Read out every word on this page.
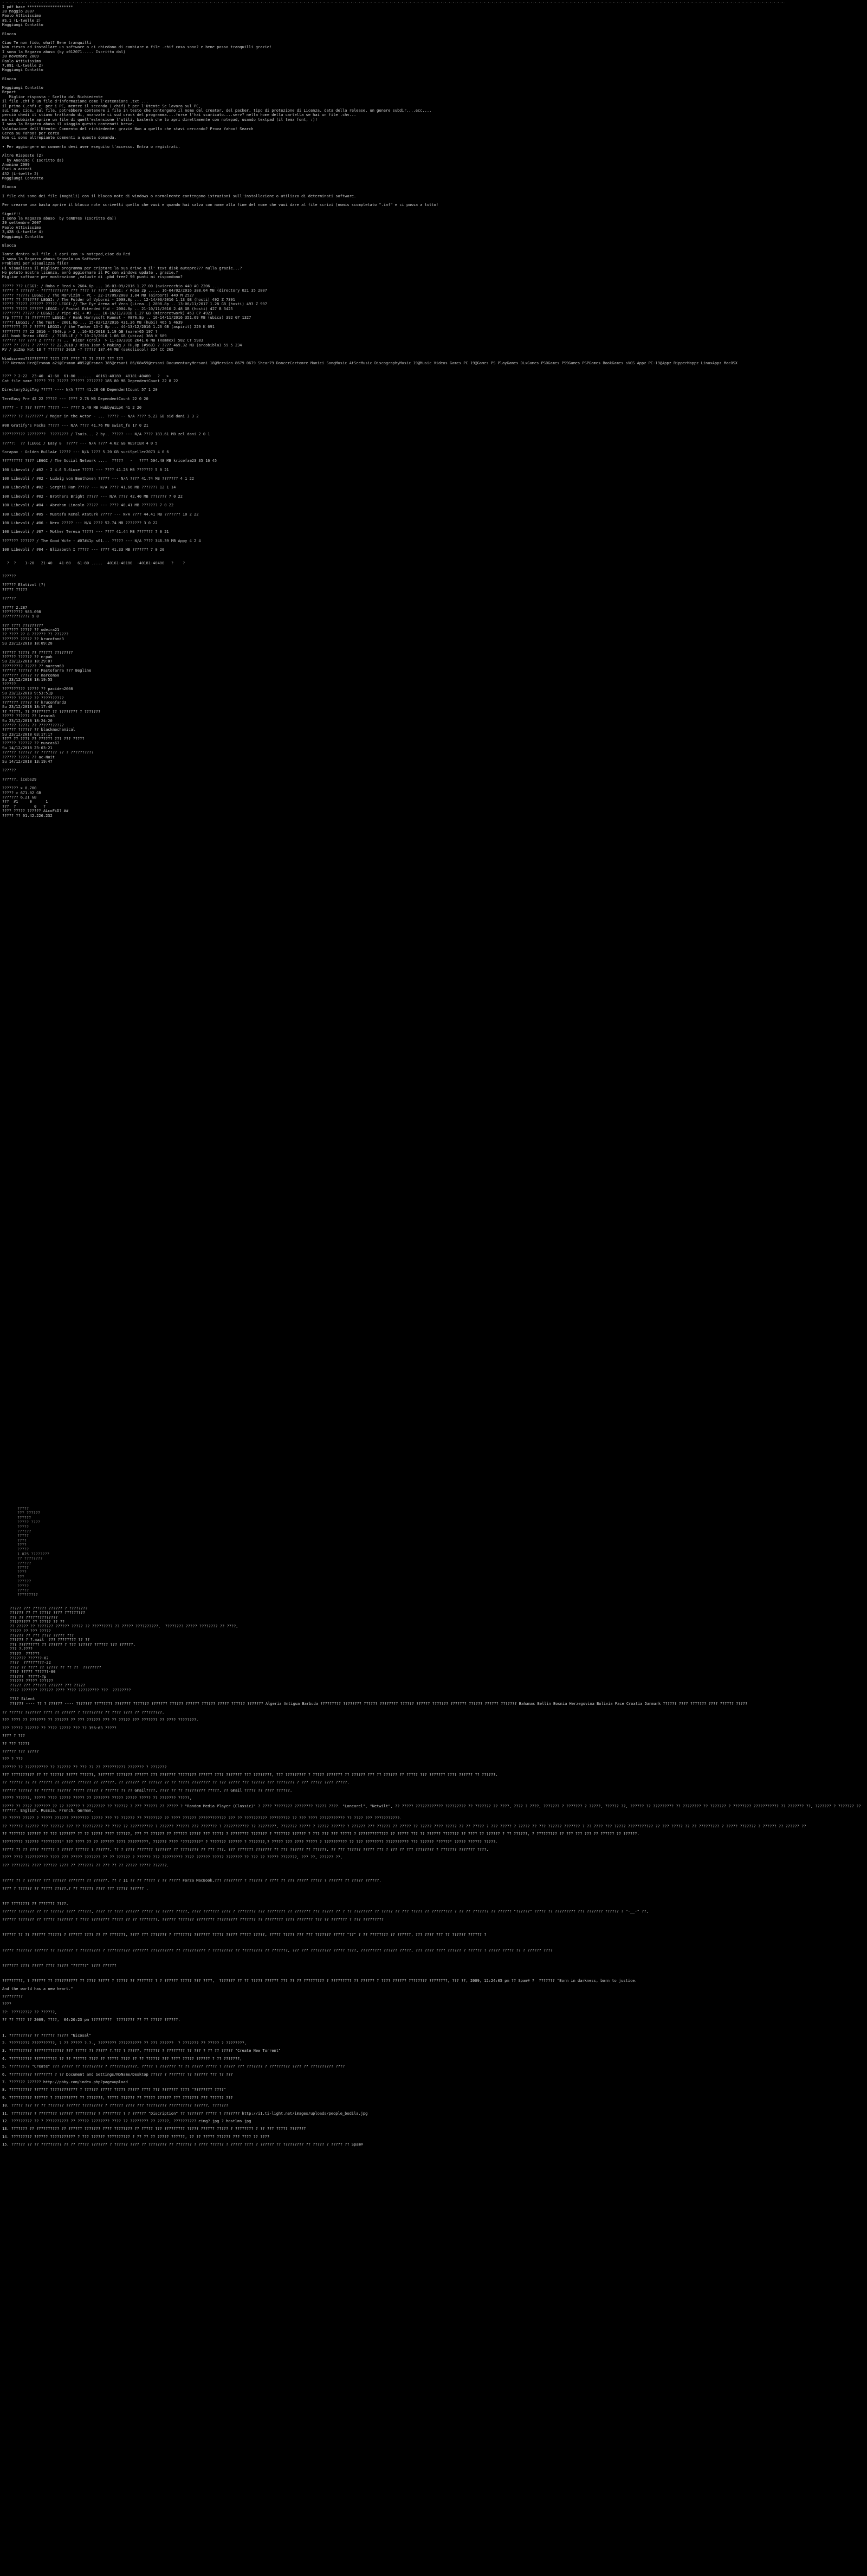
-.-.-.-.-.-.-.-.-.-.-.-.-.-.-.-.-.-.-.-.-.-.-.-.-.-.-.-.-.-.-.-.-.-.-.-.-.-.-.-.-.-.-.-.-.-.-.-.-.-.-.-.-.-.-.-.-.-.-.-.-.-.-.-.-.-.-.-.-.-.-.-.-.-.-.-.-.-.-.-.-.-.-.-.-.-.-.-.-.-.-.-.-.-.-.-.-.-.-.-.-.-.-.-.-.-.-.-.-.-.-.-.-.-.-.-.-.-.-.-.-.-.-.-.-.-.-.-.-.-.-.-.-.-.-.-.-.-.-.-.-.-.-.-.-.-.-.-.-.-.-.-.-.-.-.-.-.-.-.-.-.-.-.-.-.-.-.-.-.-.-.-.-.-.-.-.-.-.-.-.-.-.-.-.-.-.-.-.-.-.-.-.-.-.-.-.-.-.-.-.
I pdf base ********************
28 maggio 2007
Paolo Attivissimo
#S.1 (L-twelle 2)
Maggiungi Contatto
Blocca
Ciao Te non fido, what? Bene tranquilli
Non riesco ad installare un software o ci chiedono di cambiare o file .chif cosa sono? e bene posso tranquilli grazie!
I sono la Ragazzo abuso (by x012071..... Iscritto dal)
30 novembre 2009
Paolo Attivissimo
7,091 (L-twelle 2)
Maggiungi Contatto
Blocca
Maggiungi Contatto
Report
Miglior risposta - Scelta dal Richiedente
il file .chf è un file d'informazione come l'estensione .txt ...
il primo (.chf) e' per i PC, mentre il secondo (.chif) è per l'Utente Se lavora sul PC,
sui tuo, cioe, sul file, potrebbero contenere i file in testo che contengono il nome del creator, del packer, tipo di protezione di Licenza, data della release, un genere subdir....ecc....
perciò chedi il stiamo trattando di, avanzate ci sud crack del programma....forse l'hai scaricato....serv? nella home della cartella se hai un file .chv...
ma ci dobbiate aprire un file di quell'estensione l'utili, basterà che lo apri direttamente con notepad, usando textpad (il tema font, :)!
I sono la Ragazzo abuso il viaggio questo contenuti breve.
Valutazione dell'Utente: Commento del richiedente: grazie Non a quello che stavi cercando? Prova Yahoo! Search
Cerca su Yahoo! per cerca
Non ci sono altrepiante commenti a questa domanda.
• Per aggiungere un commento devi aver eseguito l'accesso. Entra o registrati.
Altre Risposte (2)
by Anonimo ( Iscritto da)
Anonimo 2009
Esci o accedi
432 (L-twelle 2)
Maggiungi Contatto
Blocca
I file chi sono dei file (magbili) con il blocco note di windows o normalmente contengono istruzioni sull'installazione o utilizzo di determinati software.
Per crearne una basta aprire il blocco note scrivetti quello che vuoi e quando hai salva con nome alla fine del nome che vuoi dare al file scrivi (nomis scompletato ".inf" e ci passa a tutto!
Signif!!
I sono la Ragazzo abuso  by teNDYes (Iscritto da))
29 settembre 2007
Paolo Attivissimo
3,428 (L-twelle 4)
Maggiungi Contatto
Blocca
Tante dentro sul file .i apri con :> notepad,cioe du Red
I sono la Ragazzo abuso Segnala un Software
Problemi per visualizza file?
Hi visualizza il migliore programma per criptare la sua drive o il' text disk autopre??? nulla grazie...?
Ho potuto mostra licenza, avrò aggiornare il PC con windows update , grazie.?
Miglior software per mostrazione ,valuute di .pbd free? 90 punti mi rispondono?
????? ??? LEGGI: / Roba e Read > 2604.6p ... 16-03-09/2016 1.27.00 (aviarecchio 440 AO 2206 ...
????? ? ?????? - ???????????? ??? ???? ?? ???? LEGGI: / Roba 2p ..... 16-04/02/2016 388.04 MB (directory 021 35 2807
????? ?????? LEGGI: / The Marvizim - PC - 22-17/09/2008 1.84 MB (airport) 449 M 2527
????? ?? ??????? LEGGI: / The Folder of Vyborni - 2008.8p ... 12-14/03/2016 1.13 GB (hosti) 492 Z 7391
????? ????? ?????? ????? LEGGI:// The Eye Arena of Veco (Lirna..) 2008.8p .. 13-06/11/2017 1.28 GB (hosti) 493 Z 997
????? ????? ?????? LEGGI: / Postal Extended fld - 2004.8p .. 21-10/11/2016 2.48 GB (hosti) 427 B 3425
???????? ????? ? LEGGI: / ripe 451 + #7 ... 16-16/11/2018 1.27 GB (microretwork) 453 CP 4923
??p ????? ?? ???????? LEGGI: / Hank Harrysoft Kuenst - #876.8p .. 16-14/11/2016 351.69 MB (ubica) 392 G7 1327
????? LEGGI: / the Test - 2001.8p ... 15-02/12/2016 431.36 MB (hubi) 465 S 4639
???????? ?? ? ????? LEGGI: / the Tanker 15-2 8p ... 44-13/12/2016 1.26 GB (aspirit) 229 K 691
???????? ?? 22 2016 - ?640.p > 2 ..16-02/2018 1.19 GB (ware)65 197 ?
All book Brama LEGGI: / ??BELLE / ? 10-23/2016 1.06 GB (ubica) 368 K 689
?????? ??? ???? 2 ????? ?? ..  Ricer (crol)  > 11-10/2016 2641.6 MB (Rammex) 582 CT 5983
???? ?? ???? ? ????? ?? 22.2018 / Risa Ison 5 Making / TH.8p (#569) ? ???? 469.32 MB (arcobibla) 59 5 234
RV / piZmp Not 18 ? ??????? 2018 -? ????? 187.44 MB (sekoliscol) 324 CC 265
Windscreen?????????? ???? ??? ???? ?? ?? ???? ??? ???
??? Nerman Hrz@Ersman a2i@Ersman #852@Ersman 385@ersani 86/68=59@ersani DocumentaryMersani 18@Mersian 8679 0679 Shear79 DoncerCartomre Manici SongMusic AtSeeMusic DiscographyMusic 19@Music Videos Games PC 19@Games PS PlayGames DLxGames PS0Games PS9Games PSPGames BookGames sVGS Appz PC-19@Appz RipperMappz LinuxAppz MacOSX
???? ? 2-22  23-40  41-60  61-80 ......  40161-40180  40181-40400   ?   >
Cat file name ????? ??? ????? ?????? ??????? 185.80 MB DependentCount 22 8 22
DirectoryDigiTag ????? ---- N/A ???? 41.28 GB DependentCount 57 1 20
TermEasy Pre 42 22 ????? --- ???? 2.78 MB DependentCount 22 0 20
????? - ? ??? ????? ????? --- ???? 5.40 MB HubbyWiLpK 41 2 20
?????? ?? ???????? / Major in the Actor - ... ????? -- N/A ???? 5.23 GB sid dani 3 3 2
#08 Gratify's Packs ????? --- N/A ???? 41.76 MB swist_fe 17 0 21
?????????? ????????  ???????? / Tsuis... 2 by.. ????? --- N/A ???? 183.61 MB zel dani 2 0 1
?????:  ?? (LEGGI / Easy 8  ????? --- N/A ???? 4.02 GB WESTIER 4 0 5
Sorapax - Golden BullaAr ????? --- N/A ???? 5.20 GB suciSpeller2073 4 0 6
????????? ???? LEGGI / The Social Network ....  ?????   -   ???? 504.48 MB kricefam23 35 16 45
100 Libevoli / #02 - 2 4.6 5.6Luse ????? --- ???? 41.28 MB ??????? 5 0 21
100 Libevoli / #02 - Ludwig von Beethoven ????? --- N/A ???? 41.74 MB ??????? 4 1 22
100 Libevoli / #02 - Serghii Ram ????? --- N/A ???? 41.66 MB ??????? 12 1 14
100 Libevoli / #02 - Brothers Bright ????? --- N/A ???? 42.40 MB ??????? 7 0 22
100 Libevoli / #04 - Abraham Lincoln ????? --- ???? 40.41 MB ??????? 7 0 22
100 Libevoli / #05 - Mustafa Kemal Ataturk ????? --- N/A ???? 44.41 MB ??????? 10 2 22
100 Libevoli / #06 - Nero ????? --- N/A ???? 52.74 MB ??????? 3 0 22
100 Libevoli / #07 - Mother Teresa ????? --- ???? 41.44 MB ??????? 7 0 21
??????? ?????? / The Good Wife - #07#41p s01... ????? --- N/A ???? 346.39 MB Appy 4 2 4
100 Libevoli / #04 - Elizabeth I ????? --- ???? 41.33 MB ??????? 7 0 20
?  ?    1-20   21-40   41-60   61-80 .....  40161-40180  -40181-40400   ?    ?
??????
?????? Elatizol (?)
????? ?????
??????
????? 2.287
????????? 983.098
???????????? 9 8
??? ???? ?????????
??????? ????? ?? odeira21
?? ???? ?? 8 ?????? ?? ??????
??????? ????? ?? krucofand3
Su 23/12/2018 18:09:28
?????? ????? ?? ?????? ????????
?????? ?????? ?? m-pak
Su 23/12/2018 18:29:07
????????? ????? ?? narcom60
?????? ?????? ?? Pastofarra ??? Begline
??????? ????? ?? narcom60
Su 23/12/2018 18:19:55
??????
?????????? ????? ?? paciden2008
Su 23/12/2018 9:53:51@
?????? ?????? ?? ??????????
??????? ????? ?? kruconfand3
Su 23/12/2018 18:17:48
?? ?????, ?? ???????? ?? ???????? ? ???????
????? ?????? ?? lezaim3
Su 23/12/2018 18:24:20
?????? ????? ?? ???????????
?????? ?????? ?? blackmechanical
Su 23/12/2018 03:17:17
???? ?? ???? ?? ?????? ??? ??? ?????
?????? ?????? ?? muscas67
Su 14/12/2018 23:03:21
?????? ?????? ?? ??????? ?? ? ??????????
?????? ????? ?? ac-Nuit
Su 14/12/2018 13:19:47
??????
??????, icebs29
??????? > 0.700
????? > 671.02 GB
??????? 6.21 GB
???  #1     0      1
???  ?        0   ?
???? ????? ?????? ALcoFiD? ##
????? ?? 01.42.226.232
?????
??? ??????
??????
????? ????
?????
??????
?????
????
????
?????
1.025 ????????
?? ????????
??????
?????
????
???
??????
?????
?????
?????????
????? ??? ?????? ?????? ? ????????
?????? ?? ?? ????? ???? ?????????
??? ?? ??????????????
????????? ?? ????? ?? ??
?? ????? ?? ??????? ?????? ????? ?? ????????? ?? ????? ??????????,  ???????? ????? ???????? ?? ????,
????? ?? ??? ?????
?????? ?? ??? ???? ????? ???
?????? ? ?.mail  ??? ???????? ?? ??
??? ????????? ?? ?????? ? ??? ?????? ?????? ??? ??????.
??? ?.????
?????  ??????
??????? ??????-02
????  ?????????-22
???? ?? ???? ?? ????? ?? ?? ??  ????????
???? ????? ??????-00
??????  ?????-?p
?????? ????? ??????
????? ??? ?????? ?????? ??? ?????
???? ??????? ?????? ???? ???? ????????? ???  ????????
???? Silent
?????? ---- ?? ? ?????? ---- ??????? ???????? ??????? ??????? ??????? ?????? ?????? ?????? ????? ?????? ??????? Algeria Antigua Barbuda ????????? ???????? ?????? ???????? ?????? ?????? ??????? ??????? ?????? ?????? ??????? Bahamas Bellin Bosnia Herzegovina Bolivia Face Croatia Danmark ?????? ???? ??????? ???? ?????? ?????
?? ?????? ??????? ???? ?? ?????? ? ????????? ?? ???? ???? ?? ?????????.
??? ???? ?? ??????? ?? ?????? ?? ??? ?????? ??? ?? ????? ??? ??????? ?? ???? ????????.
??? ????? ?????? ?? ???? ????? ??? ?? 356:63 ?????
???? ? ???
?? ??? ?????
?????? ??? ?????
??? ? ???
?????? ?? ?????????? ?? ?????? ?? ??? ?? ?? ?????????? ??????? ? ???????
??? ?????????? ?? ?? ?????? ????? ??????, ??????? ??????? ?????? ??? ??????? ???????? ?????? ???? ??????? ??? ????????, ??? ????????? ? ????? ??????? ?? ?????? ??? ?? ?????? ?? ????? ??? ??????? ???? ?????? ?? ??????.
?? ?????? ?? ?? ?????? ?? ?????? ?????? ?? ??????, ?? ?????? ?? ?????? ?? ?? ????? ???????? ?? ??? ????? ??? ?????? ??? ???????? ? ??? ????? ???? ?????.
?????? ?????? ?? ?????? ?????? ????? ????? ? ?????? ?? ?? Gmail????, ???? ?? ?? ????????? ?????, ?? Gmail ????? ?? ???? ??????.
????? ??????, ????? ???? ????? ????? ?? ??????? ????? ????? ????? ?? ??????? ?????,
????? ?? ???? ??????? ?? ?? ?????? ? ???????? ?? ?????? ? ??? ?????? ?? ????? ? "Random Media Player (Classic)" ? ???? ???????? ???????? ????? ????. "Loncarel", "Netwilt", ?? ????? ???????????? ????????? ?? ??????? ?? ????, ???? ? ????, ??????? ? ??????? ? ?????, ?????? ??, ?????? ?? ????????? ?? ???????? ?? ??????? ? ???????? ??????????? ?? ??????? ??, ??????? ? ??????? ?? ??????, English, Russia, French, German.
?? ????? ????? ? ????? ?????? ???????? ????? ??? ?? ?????? ?? ???????? ?? ???? ?????? ???????????? ??? ?? ?????????? ????????? ?? ??? ???? ??????????? ?? ???? ??? ???????????.
?? ?????? ?????? ??? ?????? ??? ?? ????????? ?? ???? ?? ?????????? ? ?????? ?????? ??? ??????? ? ??????????? ?? ????????, ??????? ????? ? ????? ?????? ? ?????? ??? ?????? ?? ????? ?? ????? ???? ????? ?? ?? ????? ? ??? ????? ? ????? ?? ??? ?????? ??????? ? ?? ???? ??? ????? ??????????? ?? ??? ????? ?? ?? ????????? ? ????? ??????? ? ?????? ?? ?????? ??
?? ??????? ?????? ?? ??? ??????? ?? ?? ????? ???? ??????, ??? ?? ?????? ?? ?????? ????? ??? ????? ? ???????? ??????? ? ??????? ?????? ? ??? ??? ??? ????? ? ????????????? ?? ????? ??? ?? ?????? ??????? ?? ???? ?? ?????? ? ?? ??????, ? ????????? ?? ??? ??? ??? ?? ?????? ?? ??????.
????????? ?????? "????????" ??? ???? ?? ?? ?????? ???? ?????????, ?????? ???? "????????" ? ??????? ?????? ? ???????,? ????? ??? ???? ????? ? ?????????? ?? ??? ???????? ?????????? ??? ?????? "?????" ????? ?????? ?????.
????? ?? ?? ???? ?????? ? ????? ?????? ? ??????, ?? ? ???? ??????? ??????? ?? ???????? ?? ??? ???, ??? ??????? ??????? ?? ??? ?????? ?? ??????, ?? ??? ?????? ????? ??? ? ??? ?? ??? ???????? ? ??????? ??????? ????.
???? ???? ?????????? ???? ??? ????? ??????? ?? ?? ?????? ? ?????? ??? ????????? ???? ?????? ????? ??????? ?? ??? ?? ????? ???????, ??? ??, ?????? ??,
??? ???????? ???? ?????? ???? ?? ??????? ?? ??? ?? ?? ????? ????? ??????.
????? ?? ? ?????? ??? ?????? ??????? ?? ??????, ?? ? 11 ?? ?? ????? ? ?? ????? Forza MacBook,??? ???????? ? ?????? ? ???? ?? ??? ????? ????? ? ?????? ?? ????? ??????.
???? ? ?????? ?? ????? ?????,? ?? ?????? ???? ??? ????? ?????? .
??? ???????? ?? ??????? ????.
?????? ??????? ?? ?? ?????? ???? ??????, ???? ?? ???? ?????? ????? ?? ????? ?????, ???? ??????? ???? ? ???????? ??? ???????? ?? ??????? ??? ????? ?? ? ?? ???????? ?? ????? ?? ??? ????? ?? ????????? ? ?? ?? ??????? ?? ?????? "??????" ????? ?? ????????? ??? ??????? ?????? ? "-__-" ??,
?????? ??????? ?? ????? ??????? ? ???? ???????? ????? ?? ?? ????????. ?????? ??????? ???????? ????????? ??????? ?? ???????? ???? ??????? ??? ?? ??????? ? ??? ?????????
?????? ?? ?? ?????? ?????? ? ?????? ???? ?? ?? ???????, ???? ??? ??????? ? ???????? ??????? ????? ????? ????? ?????, ????? ????? ??? ??? ??????? ????? "??" ? ?? ???????? ?? ??????, ??? ???? ??? ?? ?????? ?????? ?
????? ??????? ?????? ?? ??????? ? ????????? ? ?????????? ??????? ?????????? ?? ?????????? ? ????????? ?? ????????? ?? ???????, ??? ??? ????????? ????? ????, ????????? ?????? ?????, ??? ???? ???? ?????? ? ?????? ? ????? ????? ?? ? ?????? ????
??????? ???? ????? ???? ????? "??????" ???? ??????
?????????, ? ?????? ?? ?????????? ?? ???? ????? ? ????? ?? ??????? ? ? ?????? ????? ??? ????,  ??????? ?? ?? ????? ?????? ??? ?? ?? ????????? ? ????????? ?? ?????? ? ???? ?????? ???????? ????????, ??? ??, 2009, 12:24:05 pm ?? Spam® ?  ??????? "Born in darkness, born to justice.
And the world has a new heart."
?????????
????
??: ????????? ?? ??????,
?? ?? ???? ?? 2009, ????,  04:20:23 pm ?????????  ???????? ?? ?? ????? ??????.
1. ?????????? ?? ?????? ????? "Nicosal"
2. ????????? ??????????, ? ?? ????? ?.?., ???????? ?????????? ?? ??? ??????  ? ??????? ?? ????? ? ????????,
3. ?????????? ????????????? ??? ????? ?? ????? ?.??? ? ?????, ??????? ? ???????? ?? ??? ? ?? ?? ????? "Create New Torrent"
4. ?????????? ?????????? ?? ?? ?????? ???? ?? ????? ???? ?? ?? ?????? ??? ???? ????? ?????? ? ?? ???????,
5. ????????? "Create" ??? ????? ?? ????????? ? ????????????, ????? ? ??????? ?? ?? ????? ????? ? ????? ??? ??????? ? ????????? ???? ?? ?????????? ????
6. ?????????? ???????? ? ?? Document and Settings/NoName/Desktop ????? ? ??????? ?? ?????? ??? ?? ???
7. ??????? ?????? http://pbby.com/index.php?page=upload
8. ?????????? ?????? ???????????? ? ?????? ????? ????? ????? ???? ??? ??????? ???? "???????? ????"
9. ?????????? ?????? ? ?????????? ?? ???????, ????? ?????? ?? ????? ?????? ??? ??????? ??? ?????? ???
10. ????? ??? ?? ?? ??????? ?????? ????????? ? ?????? ???? ??? ????????? ?????????? ??????, ???????
11. ????????? ? ???????? ?????? ????????? ? ???????? ? ? ?????? "Discription" ?? ??????? ????? ? ??????? http://i1.ti-light.net/images/uploads/people_bodila.jpg
12. ????????? ?? ? ?????????? ?? ????? ???????? ???? ?? ???????? ?? ?????, ?????????? eimg?.jpg ? hostlms.jpg
13. ??????? ?? ?????????? ?? ?????? ??????? ???? ???????? ?? ????? ??? ????????? ????? ?????? ????? ? ???????? ? ?? ??? ????? ???????
14. ????????? ?????? ??????????? ? ??? ?????? ?????????? ? ?? ?? ?? ????? ??????, ?? ?? ????? ?????? ??? ???? ?? ????
15. ?????? ?? ?? ????????? ?? ?? ????? ??????? ? ?????? ???? ?? ???????? ?? ??????? ? ???? ?????? ? ????? ???? ? ?????? ?? ????????? ?? ????? ? ????? ?? Spam®
